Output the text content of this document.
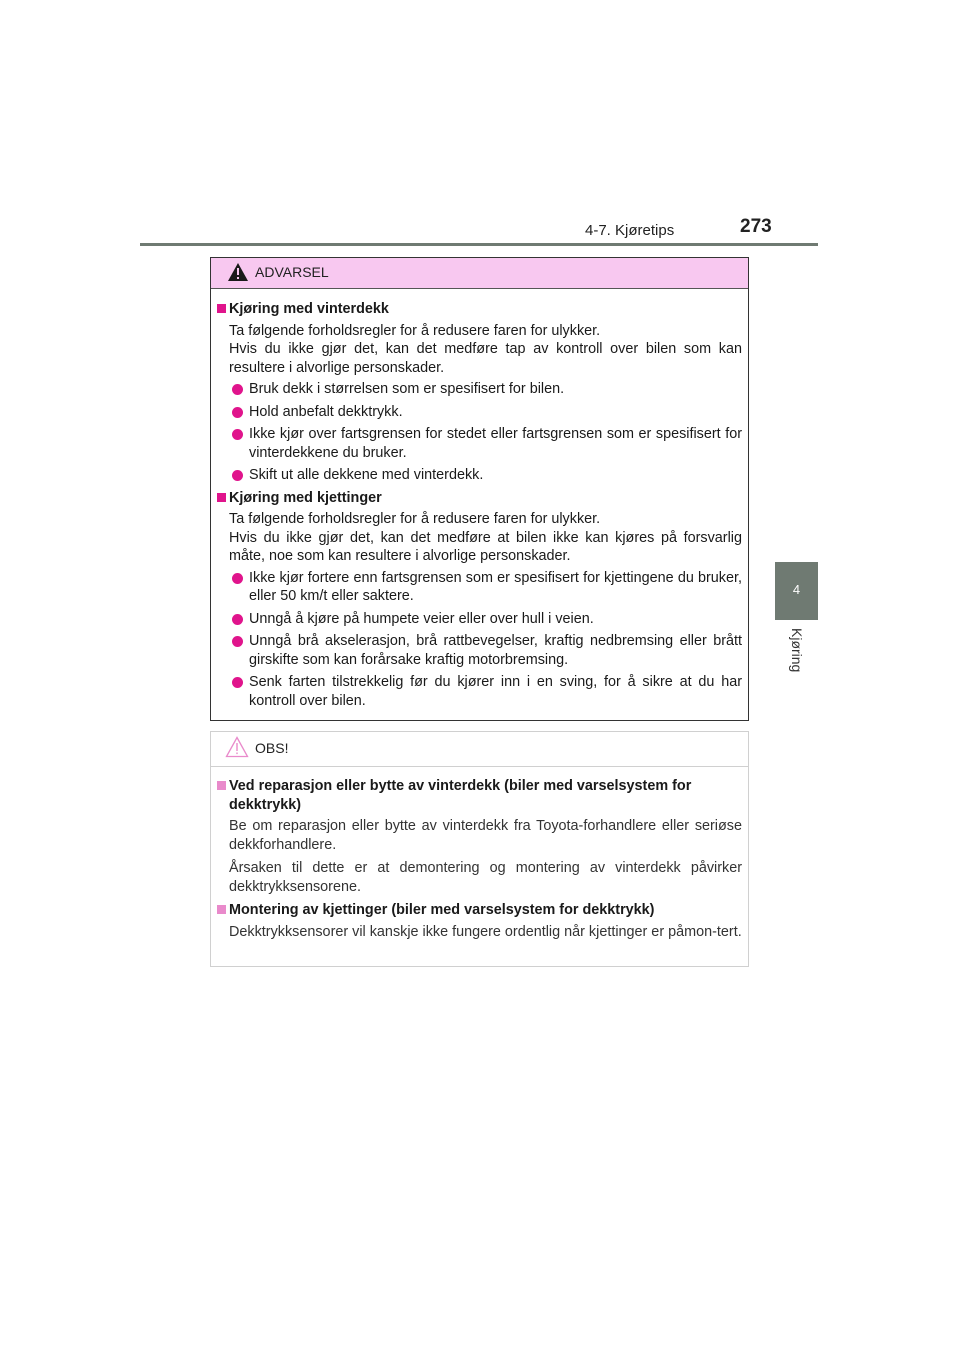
4-7. Kjøretips	273
4
Kjøring
ADVARSEL
Kjøring med vinterdekk
Ta følgende forholdsregler for å redusere faren for ulykker.
Hvis du ikke gjør det, kan det medføre tap av kontroll over bilen som kan resultere i alvorlige personskader.
Bruk dekk i størrelsen som er spesifisert for bilen.
Hold anbefalt dekktrykk.
Ikke kjør over fartsgrensen for stedet eller fartsgrensen som er spesifisert for vinterdekkene du bruker.
Skift ut alle dekkene med vinterdekk.
Kjøring med kjettinger
Ta følgende forholdsregler for å redusere faren for ulykker.
Hvis du ikke gjør det, kan det medføre at bilen ikke kan kjøres på forsvarlig måte, noe som kan resultere i alvorlige personskader.
Ikke kjør fortere enn fartsgrensen som er spesifisert for kjettingene du bruker, eller 50 km/t eller saktere.
Unngå å kjøre på humpete veier eller over hull i veien.
Unngå brå akselerasjon, brå rattbevegelser, kraftig nedbremsing eller brått girskifte som kan forårsake kraftig motorbremsing.
Senk farten tilstrekkelig før du kjører inn i en sving, for å sikre at du har kontroll over bilen.
OBS!
Ved reparasjon eller bytte av vinterdekk (biler med varselsystem for dekktrykk)
Be om reparasjon eller bytte av vinterdekk fra Toyota-forhandlere eller seriøse dekkforhandlere.
Årsaken til dette er at demontering og montering av vinterdekk påvirker dekktrykksensorene.
Montering av kjettinger (biler med varselsystem for dekktrykk)
Dekktrykksensorer vil kanskje ikke fungere ordentlig når kjettinger er påmon-tert.
